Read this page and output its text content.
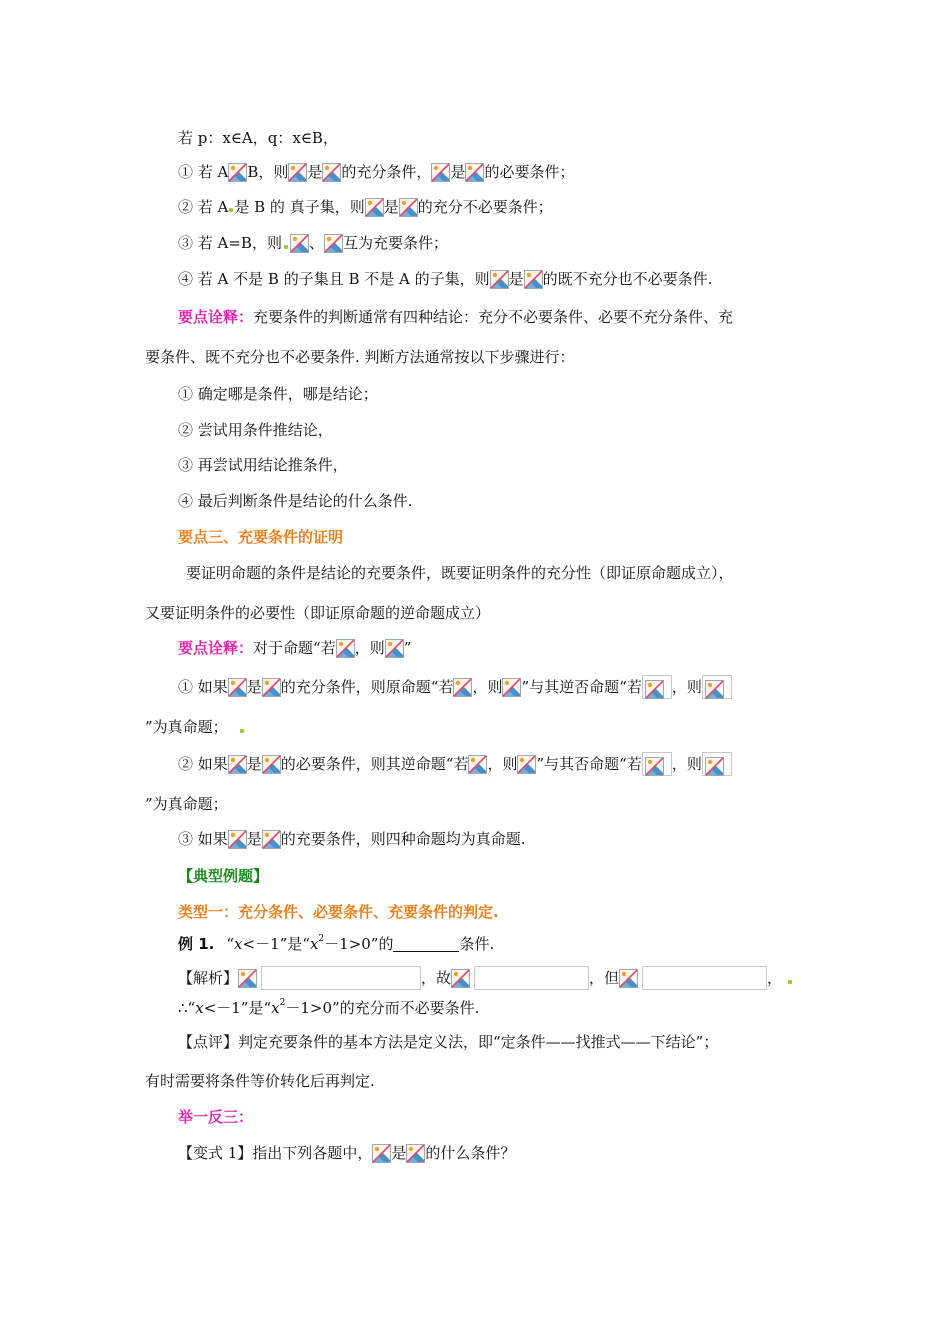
若 p：x∈A，q：x∈B，
① 若 A B，则 是 的充分条件， 是 的必要条件；
② 若 A 是 B 的 真子集，则 是 的充分不必要条件；
③ 若 A=B，则 、 互为充要条件；
④ 若 A 不是 B 的子集且 B 不是 A 的子集，则 是 的既不充分也不必要条件.
要点诠释： 充要条件的判断通常有四种结论：充分不必要条件、必要不充分条件、充
要条件、既不充分也不必要条件. 判断方法通常按以下步骤进行：
① 确定哪是条件，哪是结论；
② 尝试用条件推结论，
③ 再尝试用结论推条件，
④ 最后判断条件是结论的什么条件.
要点三、充要条件的证明
要证明命题的条件是结论的充要条件，既要证明条件的充分性（即证原命题成立），
又要证明条件的必要性（即证原命题的逆命题成立）
要点诠释： 对于命题“若 ，则 ”
① 如果 是 的充分条件，则原命题“若 ，则 ”与其逆否命题“若 ，则
”为真命题；
② 如果 是 的必要条件，则其逆命题“若 ，则 ”与其否命题“若 ，则
”为真命题；
③ 如果 是 的充要条件，则四种命题均为真命题.
【典型例题】
类型一：充分条件、必要条件、充要条件的判定.
例 1. “ x <－1”是“ $x^2 -1>0$”的	条件.
【解析】	，故	，但	，
∴“ x <－1”是“ $x^2 -1>0$”的充分而不必要条件.
【点评】判定充要条件的基本方法是定义法，即“定条件——找推式——下结论”；
有时需要将条件等价转化后再判定.
举一反三：
【变式 1】指出下列各题中， 是 的什么条件？
